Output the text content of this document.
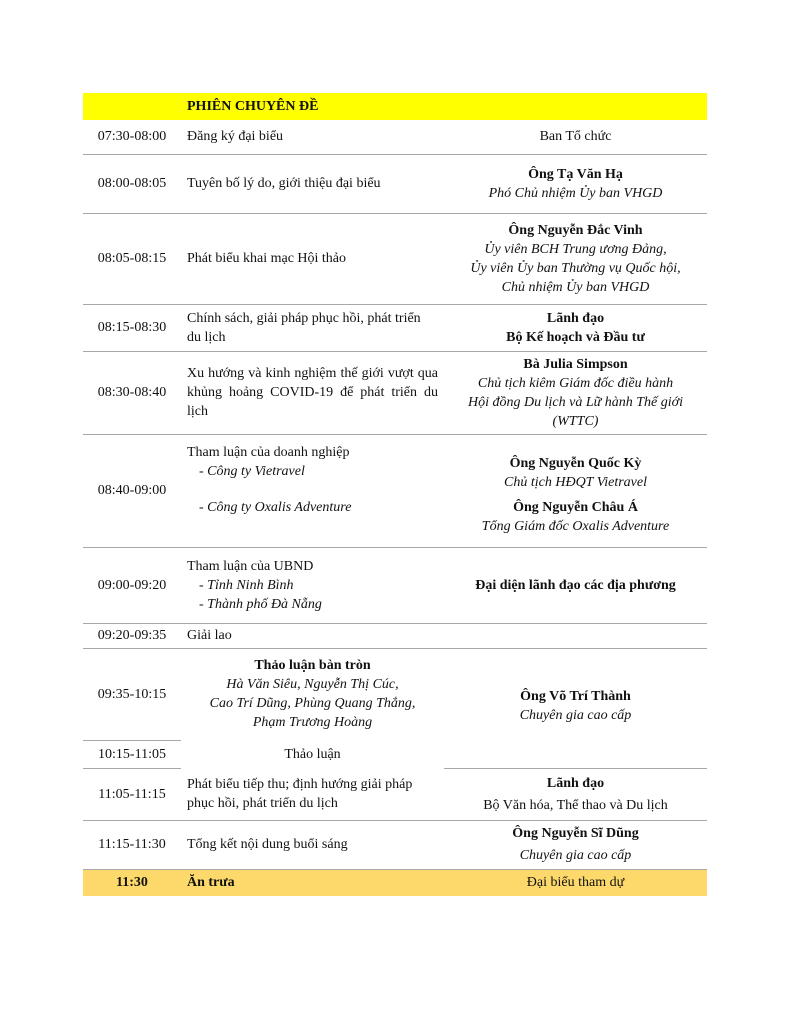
	PHIÊN CHUYÊN ĐỀ	
07:30-08:00	Đăng ký đại biểu	Ban Tổ chức
08:00-08:05	Tuyên bố lý do, giới thiệu đại biểu	Ông Tạ Văn Hạ
Phó Chủ nhiệm Ủy ban VHGD

08:05-08:15	Phát biểu khai mạc Hội thảo	Ông Nguyễn Đắc Vinh
Ủy viên BCH Trung ương Đảng,
Ủy viên Ủy ban Thường vụ Quốc hội,
Chủ nhiệm Ủy ban VHGD

08:15-08:30	Chính sách, giải pháp phục hồi, phát triển du lịch	Lãnh đạo
Bộ Kế hoạch và Đầu tư

08:30-08:40	Xu hướng và kinh nghiệm thế giới vượt qua khủng hoảng COVID-19 để phát triển du lịch	Bà Julia Simpson
Chủ tịch kiêm Giám đốc điều hành
Hội đồng Du lịch và Lữ hành Thế giới
(WTTC)

08:40-09:00	Tham luận của doanh nghiệp
- Công ty Vietravel
- Công ty Oxalis Adventure	Ông Nguyễn Quốc Kỳ
Chủ tịch HĐQT Vietravel
Ông Nguyễn Châu Á
Tổng Giám đốc Oxalis Adventure

09:00-09:20	Tham luận của UBND
- Tỉnh Ninh Bình
- Thành phố Đà Nẵng	Đại diện lãnh đạo các địa phương
09:20-09:35	Giải lao	
09:35-10:15	Thảo luận bàn tròn
Hà Văn Siêu, Nguyễn Thị Cúc,
Cao Trí Dũng, Phùng Quang Thắng,
Phạm Trương Hoàng	Ông Võ Trí Thành
Chuyên gia cao cấp

10:15-11:05	Thảo luận	
11:05-11:15	Phát biểu tiếp thu; định hướng giải pháp phục hồi, phát triển du lịch	Lãnh đạo
Bộ Văn hóa, Thể thao và Du lịch

11:15-11:30	Tổng kết nội dung buổi sáng	Ông Nguyễn Sĩ Dũng
Chuyên gia cao cấp

11:30	Ăn trưa	Đại biểu tham dự
